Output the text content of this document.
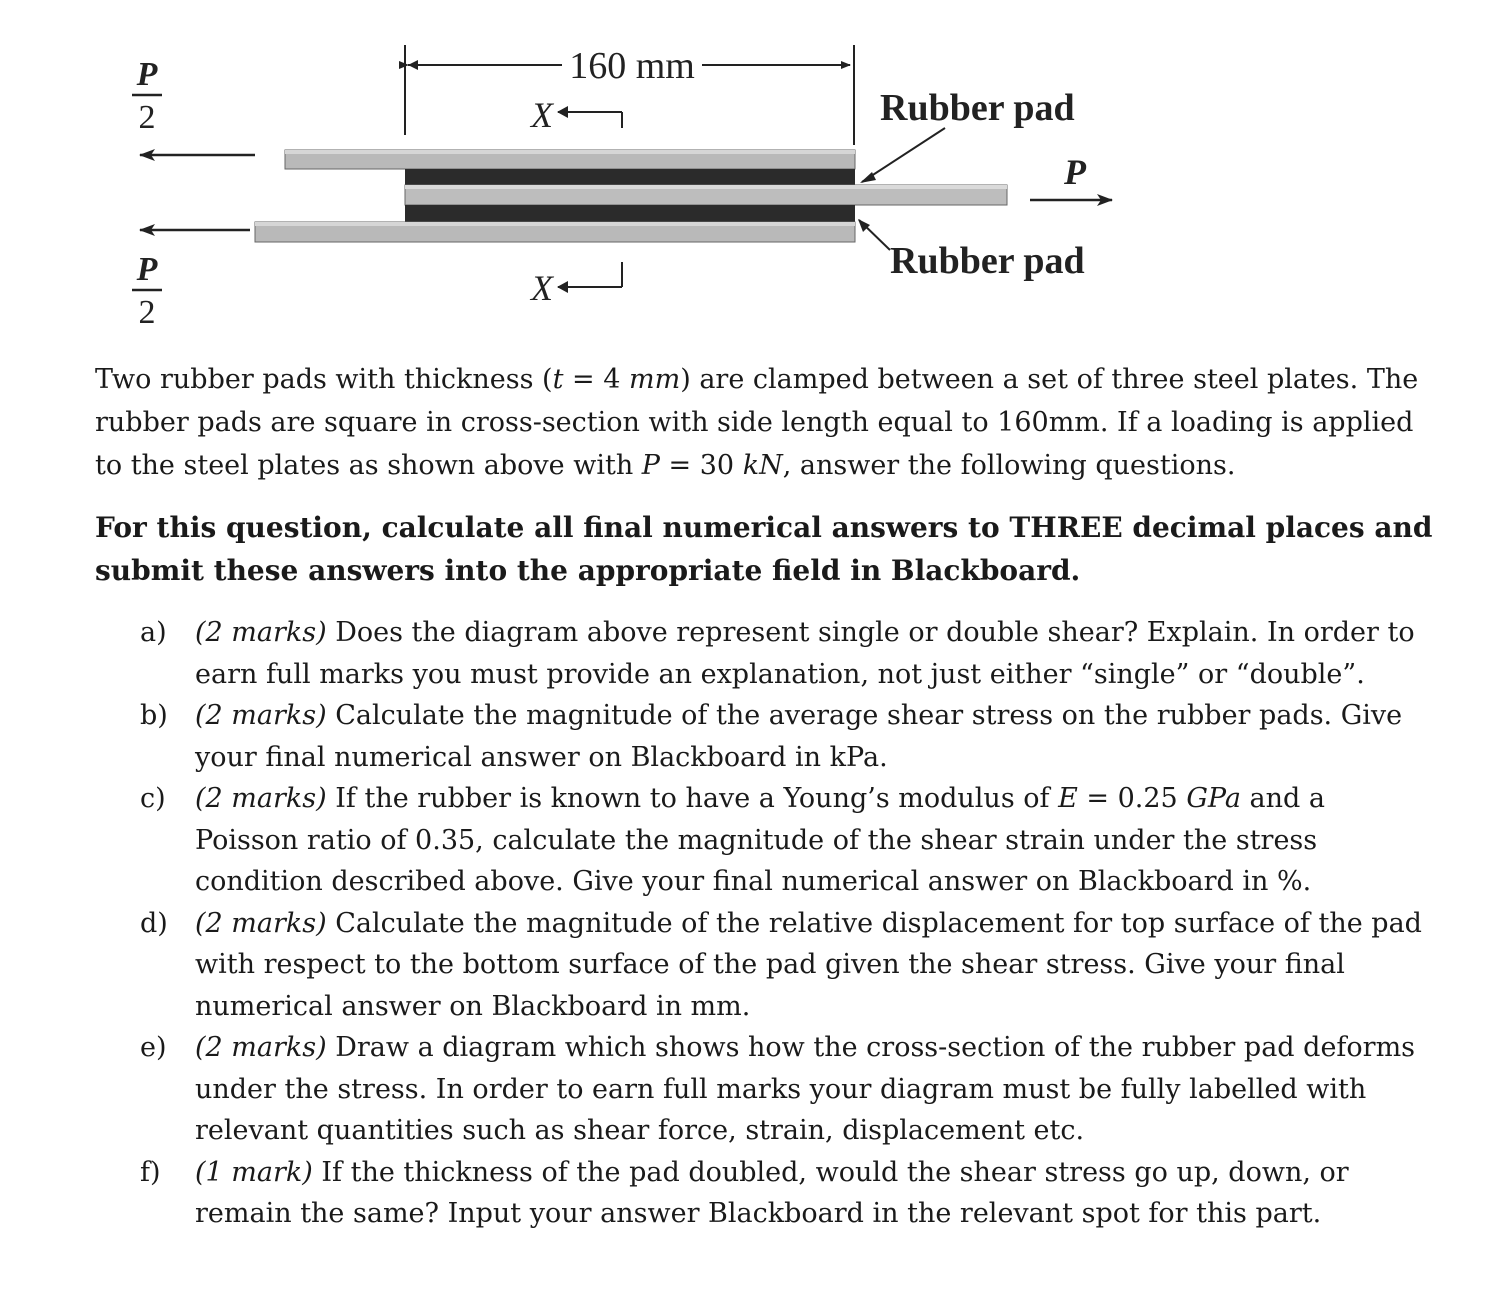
160 mm
X
X
P
2
P
2
P
Rubber pad
Rubber pad

Two rubber pads with thickness (t = 4 mm) are clamped between a set of three steel plates. The rubber pads are square in cross-section with side length equal to 160mm. If a loading is applied to the steel plates as shown above with P = 30 kN, answer the following questions.

For this question, calculate all final numerical answers to THREE decimal places and submit these answers into the appropriate field in Blackboard.

a) (2 marks) Does the diagram above represent single or double shear? Explain. In order to earn full marks you must provide an explanation, not just either “single” or “double”.
b) (2 marks) Calculate the magnitude of the average shear stress on the rubber pads. Give your final numerical answer on Blackboard in kPa.
c) (2 marks) If the rubber is known to have a Young’s modulus of E = 0.25 GPa and a Poisson ratio of 0.35, calculate the magnitude of the shear strain under the stress condition described above. Give your final numerical answer on Blackboard in %.
d) (2 marks) Calculate the magnitude of the relative displacement for top surface of the pad with respect to the bottom surface of the pad given the shear stress. Give your final numerical answer on Blackboard in mm.
e) (2 marks) Draw a diagram which shows how the cross-section of the rubber pad deforms under the stress. In order to earn full marks your diagram must be fully labelled with relevant quantities such as shear force, strain, displacement etc.
f) (1 mark) If the thickness of the pad doubled, would the shear stress go up, down, or remain the same? Input your answer Blackboard in the relevant spot for this part.
